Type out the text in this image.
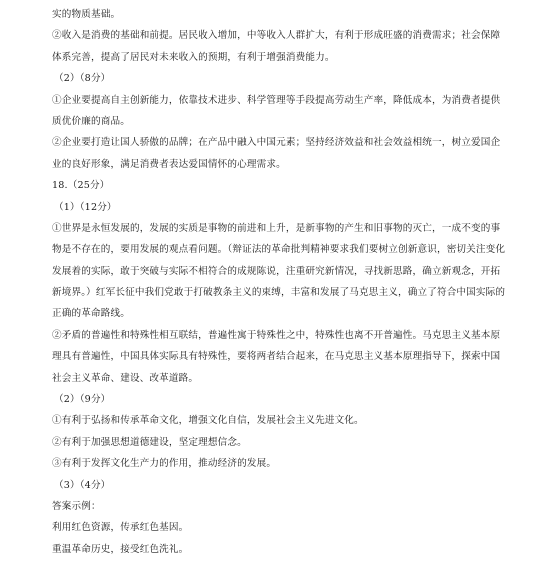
实的物质基础。
②收入是消费的基础和前提。居民收入增加，中等收入人群扩大，有利于形成旺盛的消费需求；社会保障
体系完善，提高了居民对未来收入的预期，有利于增强消费能力。
（2）（8分）
①企业要提高自主创新能力，依靠技术进步、科学管理等手段提高劳动生产率，降低成本，为消费者提供
质优价廉的商品。
②企业要打造让国人骄傲的品牌；在产品中融入中国元素；坚持经济效益和社会效益相统一，树立爱国企
业的良好形象，满足消费者表达爱国情怀的心理需求。
18.（25分）
（1）（12分）
①世界是永恒发展的，发展的实质是事物的前进和上升，是新事物的产生和旧事物的灭亡，一成不变的事
物是不存在的，要用发展的观点看问题。（辩证法的革命批判精神要求我们要树立创新意识，密切关注变化
发展着的实际，敢于突破与实际不相符合的成规陈说，注重研究新情况，寻找新思路，确立新观念，开拓
新境界。）红军长征中我们党敢于打破教条主义的束缚，丰富和发展了马克思主义，确立了符合中国实际的
正确的革命路线。
②矛盾的普遍性和特殊性相互联结，普遍性寓于特殊性之中，特殊性也离不开普遍性。马克思主义基本原
理具有普遍性，中国具体实际具有特殊性，要将两者结合起来，在马克思主义基本原理指导下，探索中国
社会主义革命、建设、改革道路。
（2）（9分）
①有利于弘扬和传承革命文化，增强文化自信，发展社会主义先进文化。
②有利于加强思想道德建设，坚定理想信念。
③有利于发挥文化生产力的作用，推动经济的发展。
（3）（4分）
答案示例：
利用红色资源，传承红色基因。
重温革命历史，接受红色洗礼。
